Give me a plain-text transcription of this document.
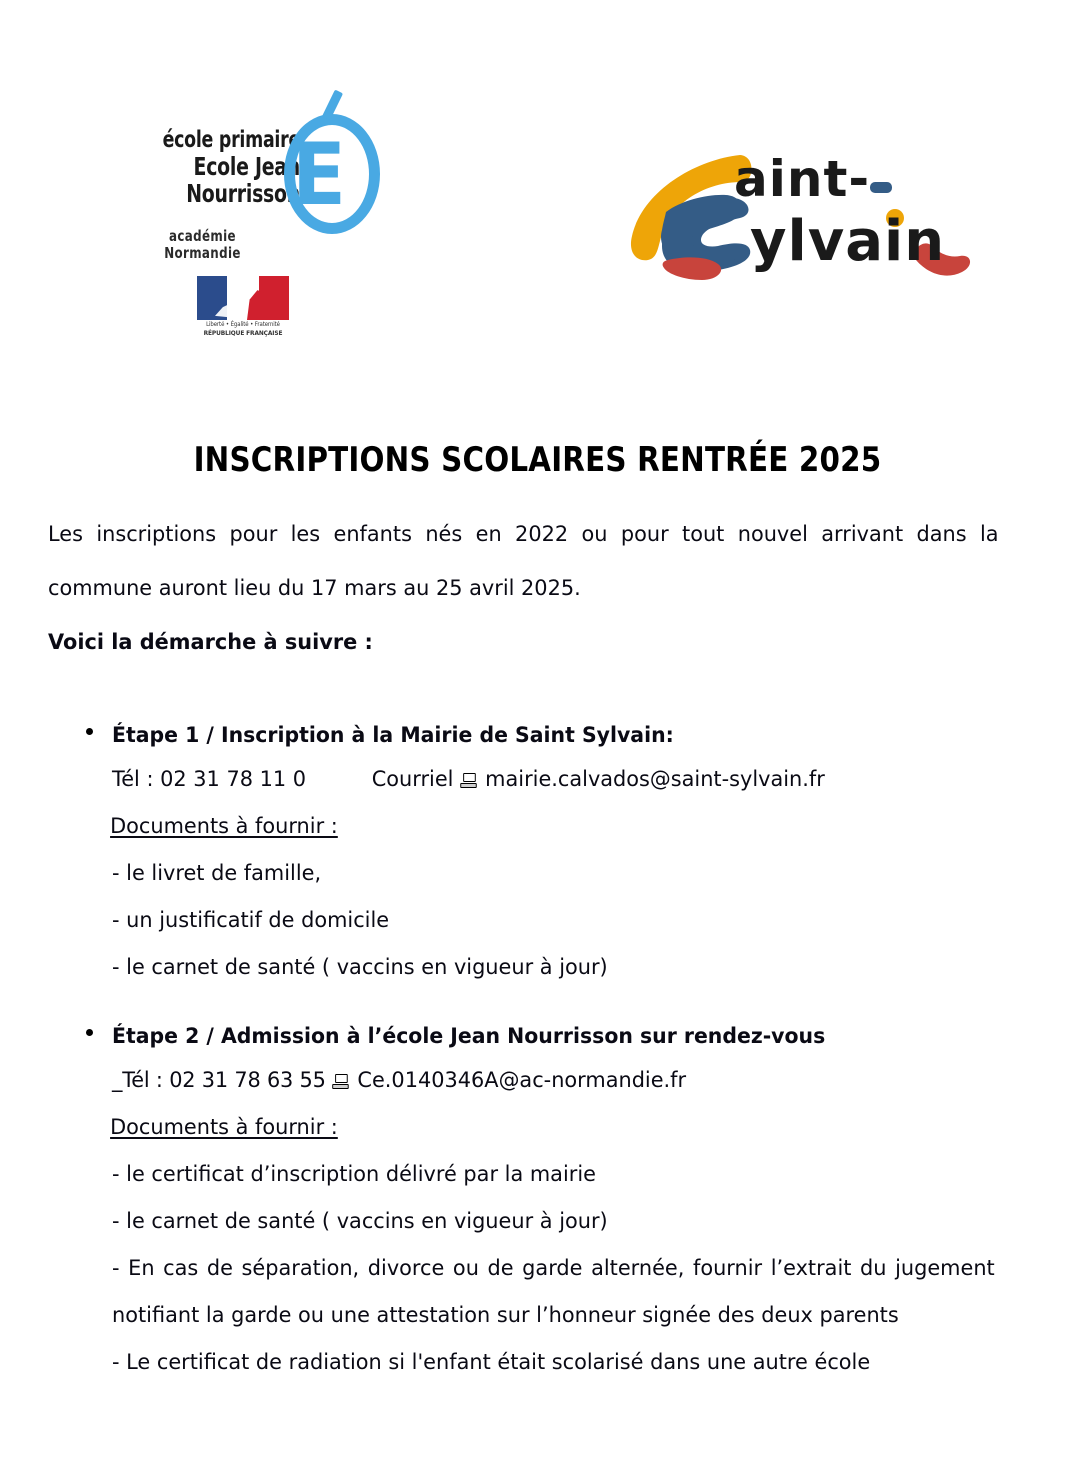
école primaire
Ecole Jean Nourrisson
E
académie
Normandie
Liberté • Égalité • Fraternité
RÉPUBLIQUE FRANÇAISE
aint-
ylvain
INSCRIPTIONS SCOLAIRES RENTRÉE 2025
Les inscriptions pour les enfants nés en 2022 ou pour tout nouvel arrivant dans la commune auront lieu du 17 mars au 25 avril 2025.
Voici la démarche à suivre :
Étape 1 / Inscription à la Mairie de Saint Sylvain:
Tél : 02 31 78 11 0	Courriel mairie.calvados@saint-sylvain.fr
Documents à fournir :
- le livret de famille,
- un justificatif de domicile
- le carnet de santé ( vaccins en vigueur à jour)
Étape 2 / Admission à l’école Jean Nourrisson sur rendez-vous
_Tél : 02 31 78 63 55 Ce.0140346A@ac-normandie.fr
Documents à fournir :
- le certificat d’inscription délivré par la mairie
- le carnet de santé ( vaccins en vigueur à jour)
- En cas de séparation, divorce ou de garde alternée, fournir l’extrait du jugement notifiant la garde ou une attestation sur l’honneur signée des deux parents
- Le certificat de radiation si l'enfant était scolarisé dans une autre école
